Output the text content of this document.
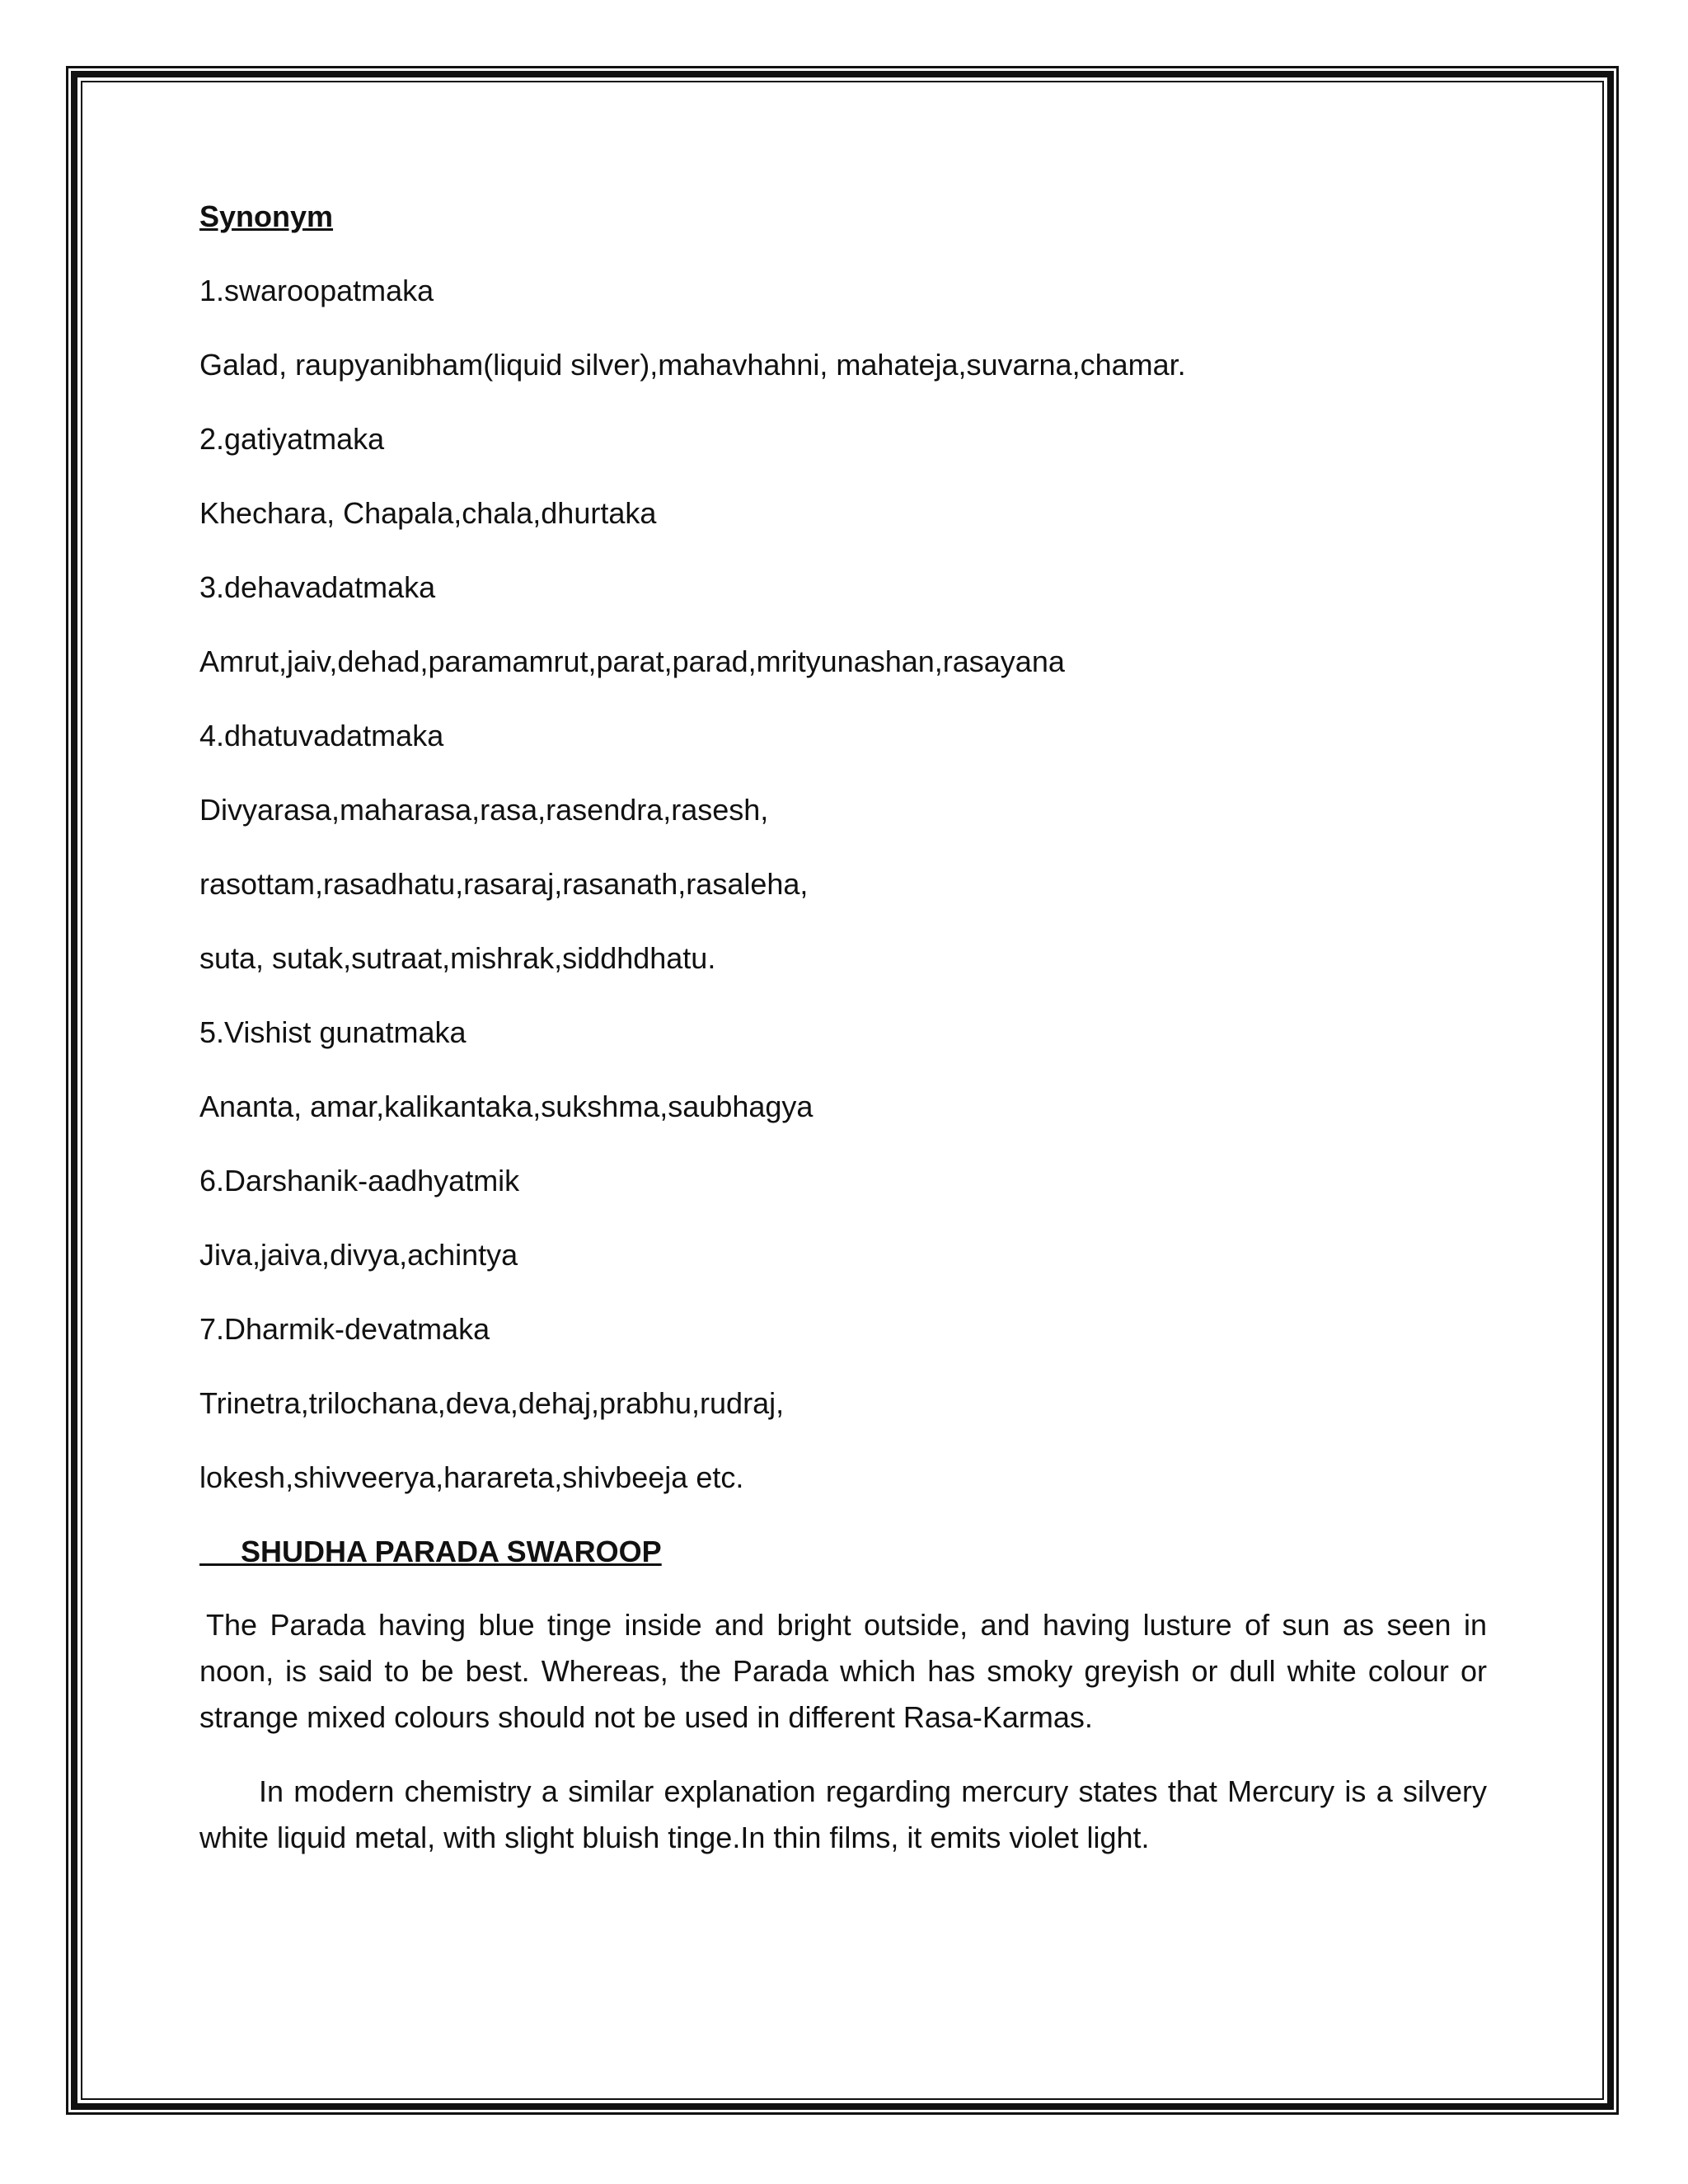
Synonym
1.swaroopatmaka
Galad, raupyanibham(liquid silver),mahavhahni, mahateja,suvarna,chamar.
2.gatiyatmaka
Khechara, Chapala,chala,dhurtaka
3.dehavadatmaka
Amrut,jaiv,dehad,paramamrut,parat,parad,mrityunashan,rasayana
4.dhatuvadatmaka
Divyarasa,maharasa,rasa,rasendra,rasesh,
rasottam,rasadhatu,rasaraj,rasanath,rasaleha,
suta, sutak,sutraat,mishrak,siddhdhatu.
5.Vishist gunatmaka
Ananta, amar,kalikantaka,sukshma,saubhagya
6.Darshanik-aadhyatmik
Jiva,jaiva,divya,achintya
7.Dharmik-devatmaka
Trinetra,trilochana,deva,dehaj,prabhu,rudraj,
lokesh,shivveerya,harareta,shivbeeja etc.
SHUDHA PARADA SWAROOP

The Parada having blue tinge inside and bright outside, and having lusture of sun as seen in noon, is said to be best. Whereas, the Parada which has smoky greyish or dull white colour or strange mixed colours should not be used in different Rasa-Karmas.

In modern chemistry a similar explanation regarding mercury states that Mercury is a silvery white liquid metal, with slight bluish tinge.In thin films, it emits violet light.
